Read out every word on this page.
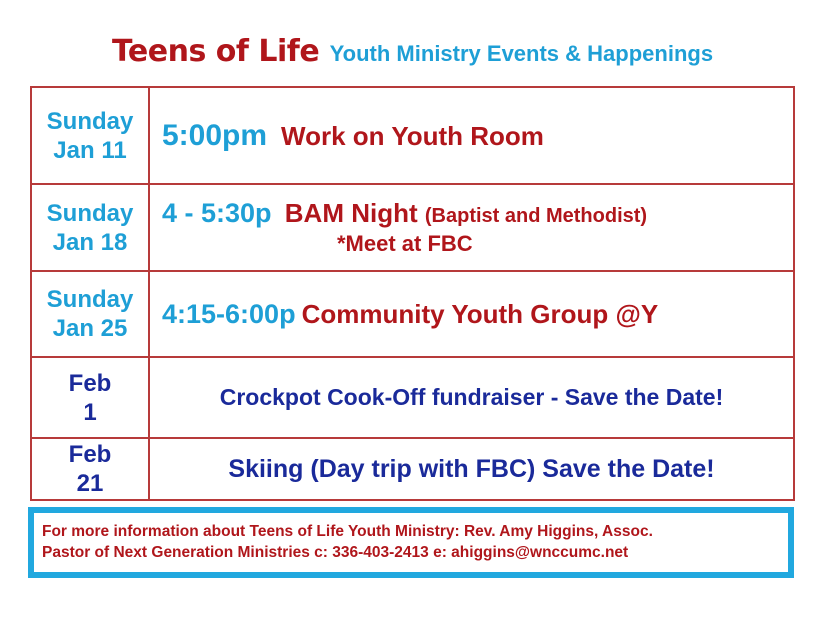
Teens of Life Youth Ministry Events & Happenings
Sunday
Jan 11	5:00pm Work on Youth Room

Sunday
Jan 18	4 - 5:30p BAM Night (Baptist and Methodist)
*Meet at FBC

Sunday
Jan 25	4:15-6:00p Community Youth Group @Y

Feb
1	Crockpot Cook-Off fundraiser - Save the Date!

Feb
21	Skiing (Day trip with FBC) Save the Date!
For more information about Teens of Life Youth Ministry: Rev. Amy Higgins, Assoc.
Pastor of Next Generation Ministries c: 336-403-2413 e: ahiggins@wnccumc.net
